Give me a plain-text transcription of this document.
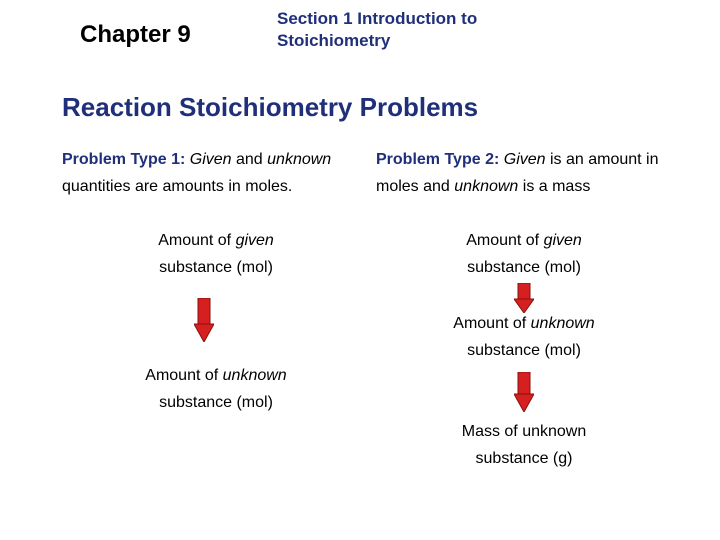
Chapter 9
Section 1 Introduction to
Stoichiometry
Reaction Stoichiometry Problems
Problem Type 1: Given and unknown quantities are amounts in moles.
Amount of given
substance (mol)
Amount of unknown
substance (mol)
Problem Type 2: Given is an amount in moles and unknown is a mass
Amount of given
substance (mol)
Amount of unknown
substance (mol)
Mass of unknown
substance (g)
